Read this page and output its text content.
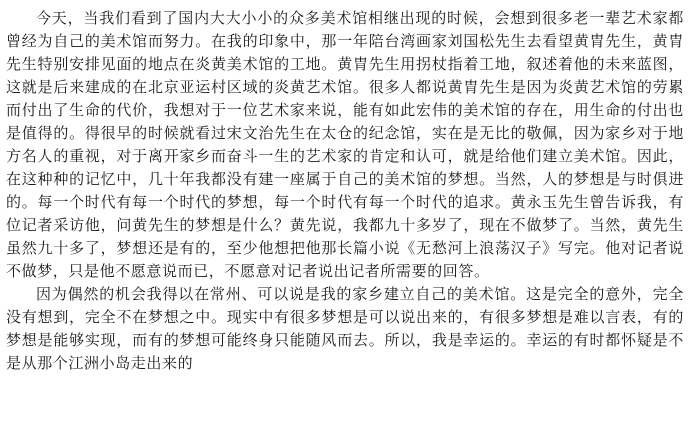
今天，当我们看到了国内大大小小的众多美术馆相继出现的时候，会想到很多老一辈艺术家都曾经为自己的美术馆而努力。在我的印象中，那一年陪台湾画家刘国松先生去看望黄胄先生，黄胄先生特别安排见面的地点在炎黄美术馆的工地。黄胄先生用拐杖指着工地，叙述着他的未来蓝图，这就是后来建成的在北京亚运村区域的炎黄艺术馆。很多人都说黄胄先生是因为炎黄艺术馆的劳累而付出了生命的代价，我想对于一位艺术家来说，能有如此宏伟的美术馆的存在，用生命的付出也是值得的。得很早的时候就看过宋文治先生在太仓的纪念馆，实在是无比的敬佩，因为家乡对于地方名人的重视，对于离开家乡而奋斗一生的艺术家的肯定和认可，就是给他们建立美术馆。因此，在这种种的记忆中，几十年我都没有建一座属于自己的美术馆的梦想。当然，人的梦想是与时俱进的。每一个时代有每一个时代的梦想，每一个时代有每一个时代的追求。黄永玉先生曾告诉我，有位记者采访他，问黄先生的梦想是什么？黄先说，我都九十多岁了，现在不做梦了。当然，黄先生虽然九十多了，梦想还是有的，至少他想把他那长篇小说《无愁河上浪荡汉子》写完。他对记者说不做梦，只是他不愿意说而已，不愿意对记者说出记者所需要的回答。

因为偶然的机会我得以在常州、可以说是我的家乡建立自己的美术馆。这是完全的意外，完全没有想到，完全不在梦想之中。现实中有很多梦想是可以说出来的，有很多梦想是难以言表，有的梦想是能够实现，而有的梦想可能终身只能随风而去。所以，我是幸运的。幸运的有时都怀疑是不是从那个江洲小岛走出来的
